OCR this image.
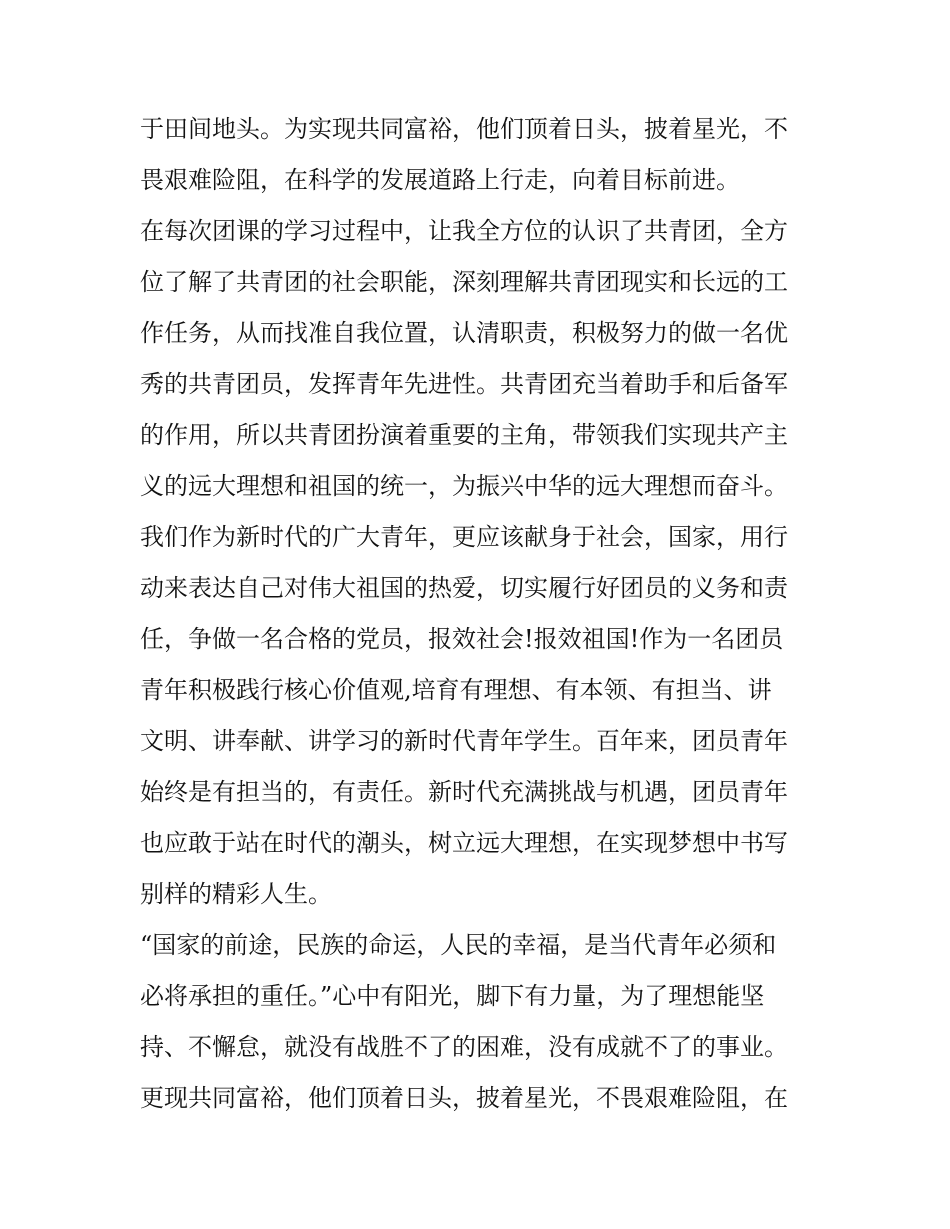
于田间地头。为实现共同富裕，他们顶着日头，披着星光，不
畏艰难险阻，在科学的发展道路上行走，向着目标前进。
在每次团课的学习过程中，让我全方位的认识了共青团，全方
位了解了共青团的社会职能，深刻理解共青团现实和长远的工
作任务，从而找准自我位置，认清职责，积极努力的做一名优
秀的共青团员，发挥青年先进性。共青团充当着助手和后备军
的作用，所以共青团扮演着重要的主角，带领我们实现共产主
义的远大理想和祖国的统一，为振兴中华的远大理想而奋斗。
我们作为新时代的广大青年，更应该献身于社会，国家，用行
动来表达自己对伟大祖国的热爱，切实履行好团员的义务和责
任，争做一名合格的党员，报效社会!报效祖国!作为一名团员
青年积极践行核心价值观,培育有理想、有本领、有担当、讲
文明、讲奉献、讲学习的新时代青年学生。百年来，团员青年
始终是有担当的，有责任。新时代充满挑战与机遇，团员青年
也应敢于站在时代的潮头，树立远大理想，在实现梦想中书写
别样的精彩人生。
“国家的前途，民族的命运，人民的幸福，是当代青年必须和
必将承担的重任。”心中有阳光，脚下有力量，为了理想能坚
持、不懈怠，就没有战胜不了的困难，没有成就不了的事业。
更现共同富裕，他们顶着日头，披着星光，不畏艰难险阻，在
